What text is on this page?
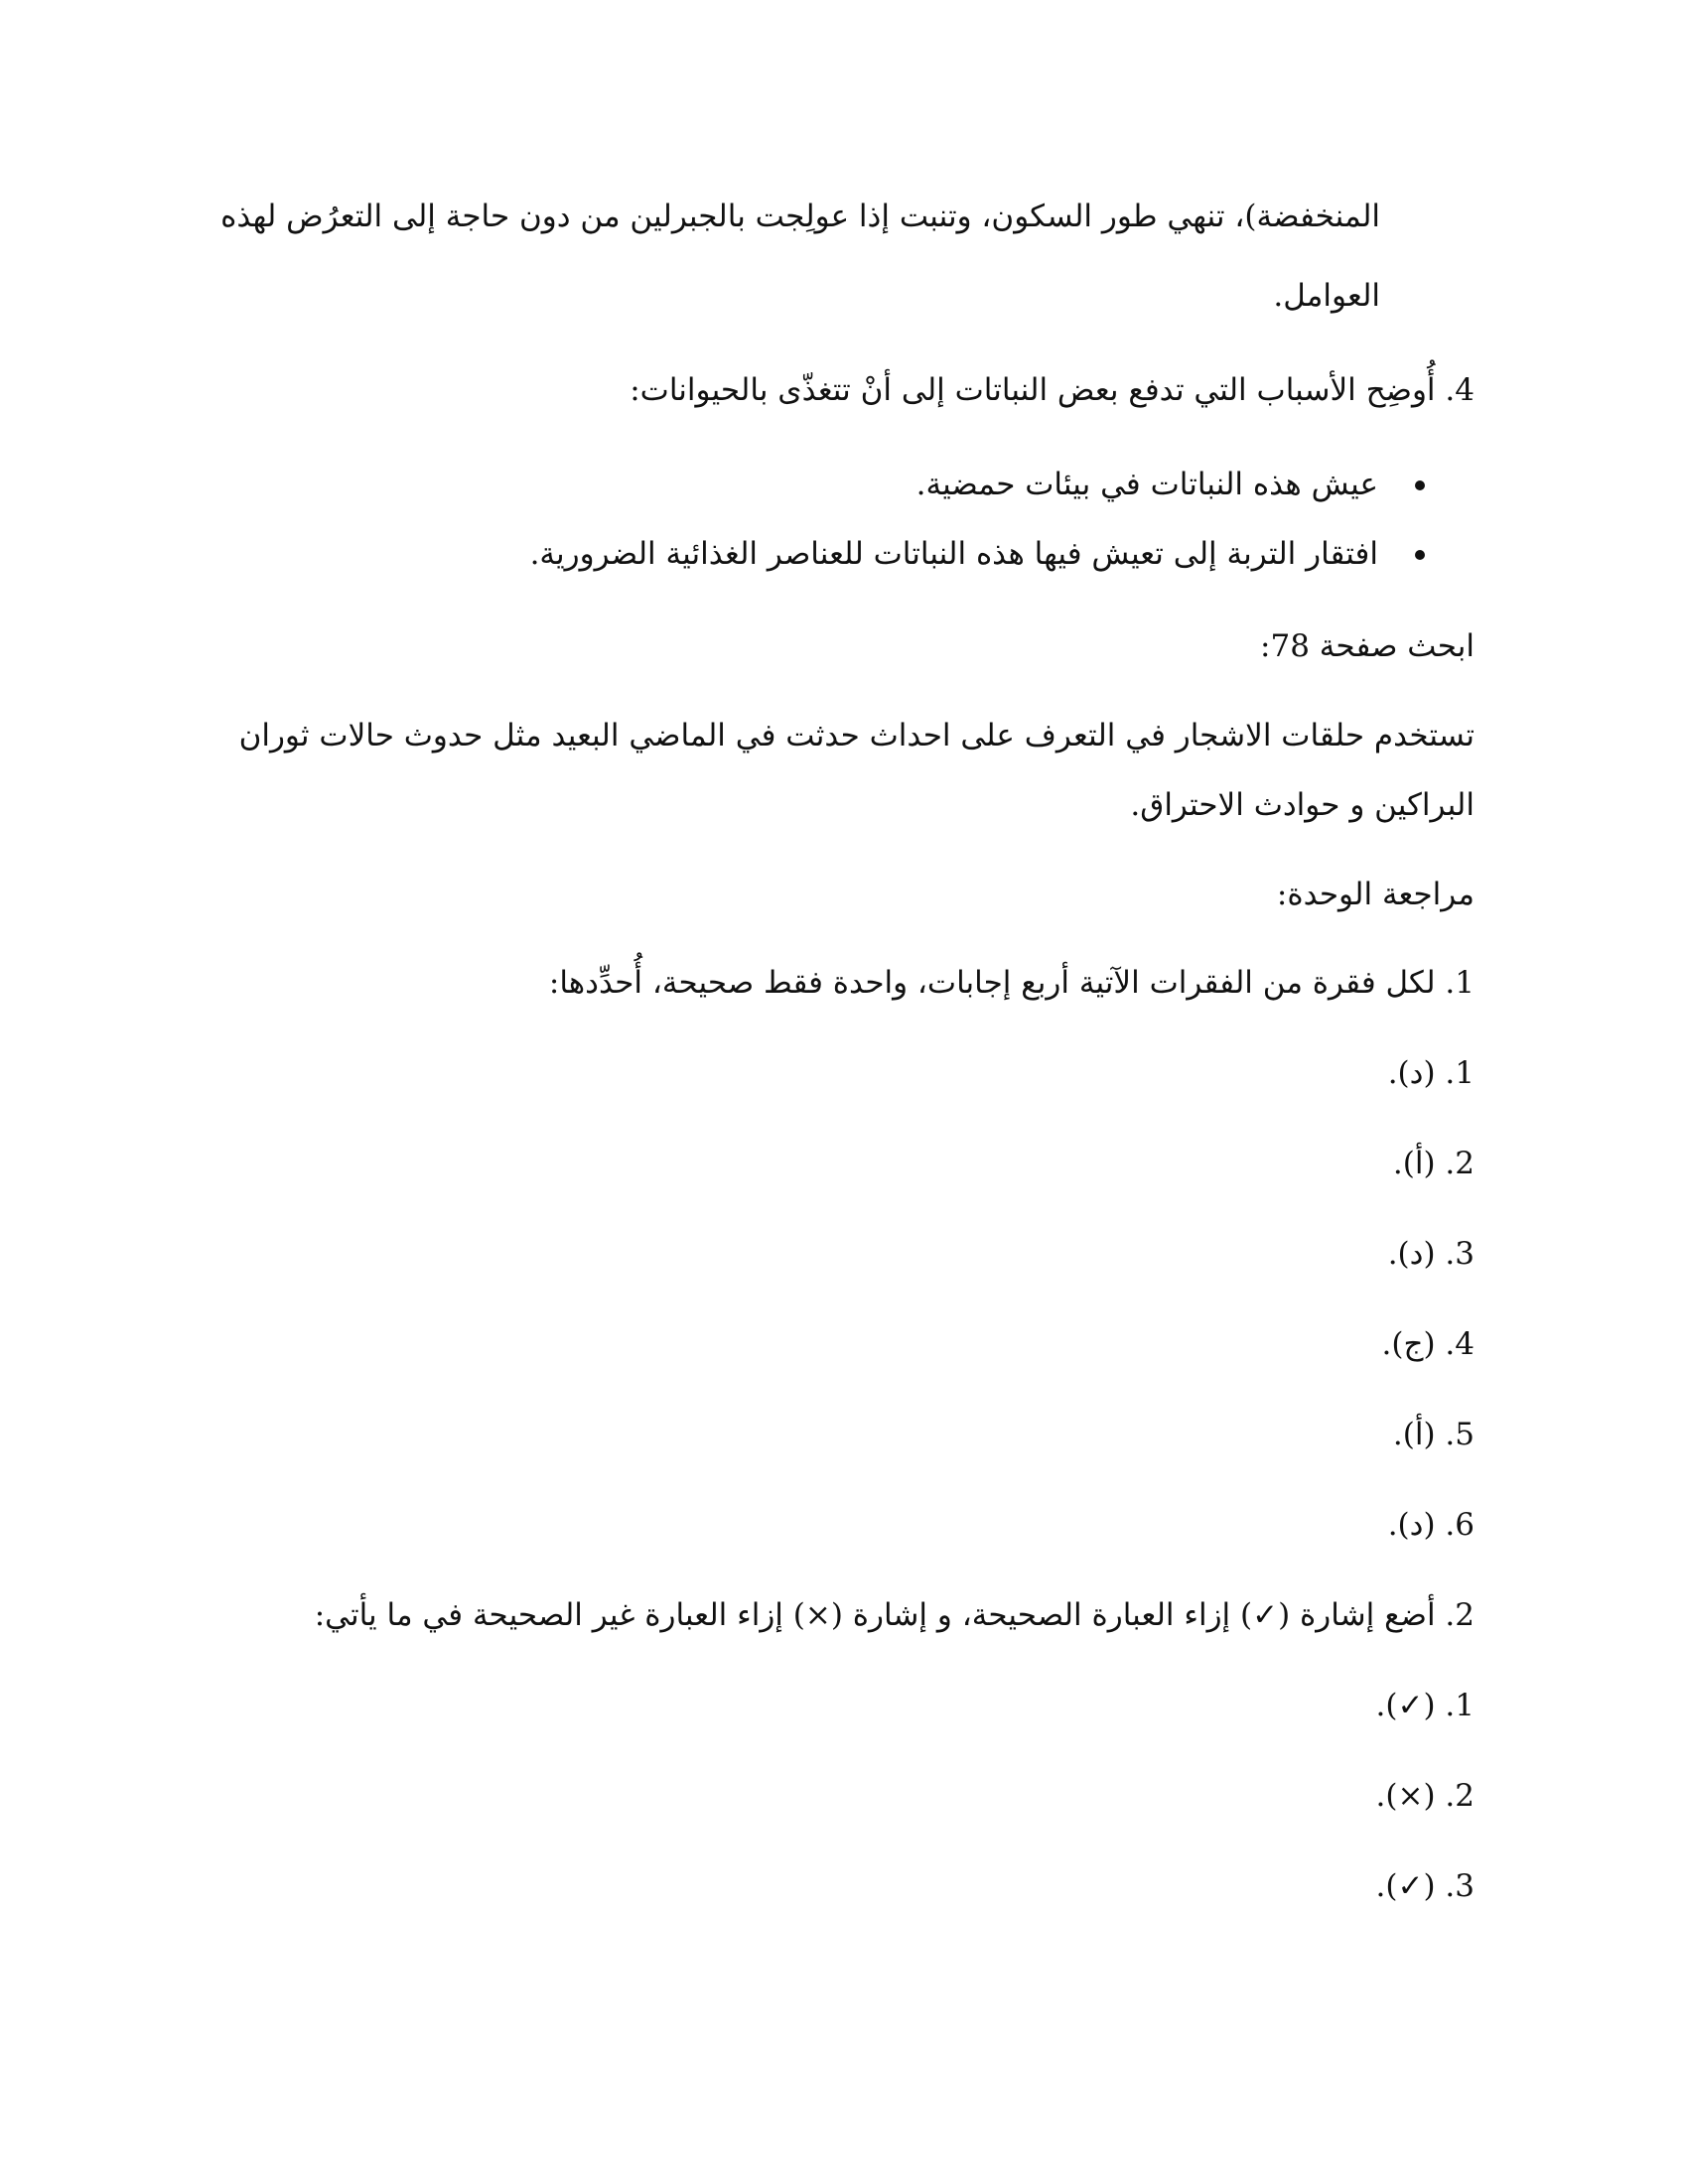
المنخفضة)، تنهي طور السكون، وتنبت إذا عولِجت بالجبرلين من دون حاجة إلى التعرُض لهذه
العوامل.
4. أُوضِح الأسباب التي تدفع بعض النباتات إلى أنْ تتغذّى بالحيوانات:
عيش هذه النباتات في بيئات حمضية.
افتقار التربة إلى تعيش فيها هذه النباتات للعناصر الغذائية الضرورية.
ابحث صفحة 78:
تستخدم حلقات الاشجار في التعرف على احداث حدثت في الماضي البعيد مثل حدوث حالات ثوران
البراكين و حوادث الاحتراق.
مراجعة الوحدة:
1. لكل فقرة من الفقرات الآتية أربع إجابات، واحدة فقط صحيحة، أُحدِّدها:
1. (د).
2. (أ).
3. (د).
4. (ج).
5. (أ).
6. (د).
2. أضع إشارة (✓) إزاء العبارة الصحيحة، و إشارة (×) إزاء العبارة غير الصحيحة في ما يأتي:
1. (✓).
2. (×).
3. (✓).
